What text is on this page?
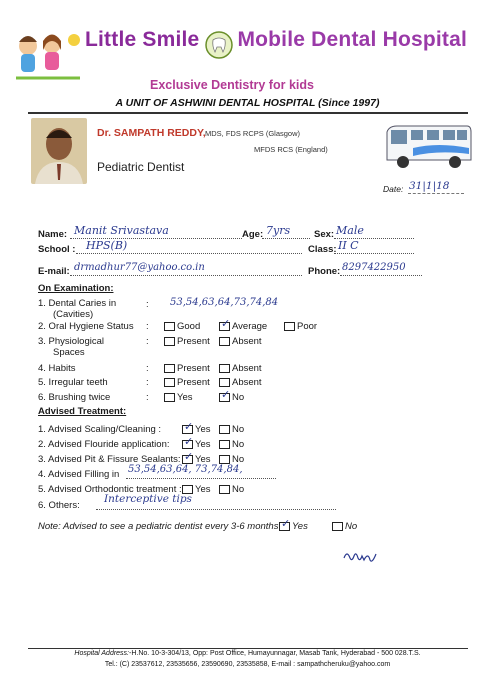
Little Smile Mobile Dental Hospital
Exclusive Dentistry for kids
A UNIT OF ASHWINI DENTAL HOSPITAL (Since 1997)
Dr. SAMPATH REDDY, MDS, FDS RCPS (Glasgow)
MFDS RCS (England)
Pediatric Dentist
Date: 31|1|18
Name: Manit Srivastava	Age: 7yrs	Sex: Male
School : HPS(B)	Class: II C
E-mail: drmadhur77@yahoo.co.in	Phone: 8297422950
On Examination:
1. Dental Caries in
(Cavities)
: 53,54,63,64,73,74,84
2. Oral Hygiene Status :	Good ✓ Average	Poor
3. Physiological
Spaces
:	Present Absent
4. Habits	:	Present Absent
5. Irregular teeth	:	Present Absent
6. Brushing twice	:	Yes	✓ No
Advised Treatment:
1. Advised Scaling/Cleaning : ✓ Yes No
2. Advised Flouride application: ✓ Yes No
3. Advised Pit & Fissure Sealants: ✓ Yes No
4. Advised Filling in 53,54,63,64, 73,74,84,
5. Advised Orthodontic treatment : Yes No
6. Others:
Interceptive tips
Note: Advised to see a pediatric dentist every 3-6 months ✓ Yes	No
Hospital Address:-H.No. 10-3-304/13, Opp: Post Office, Humayunnagar, Masab Tank, Hyderabad - 500 028.T.S.
Tel.: (C) 23537612, 23535656, 23590690, 23535858, E-mail : sampathcheruku@yahoo.com
